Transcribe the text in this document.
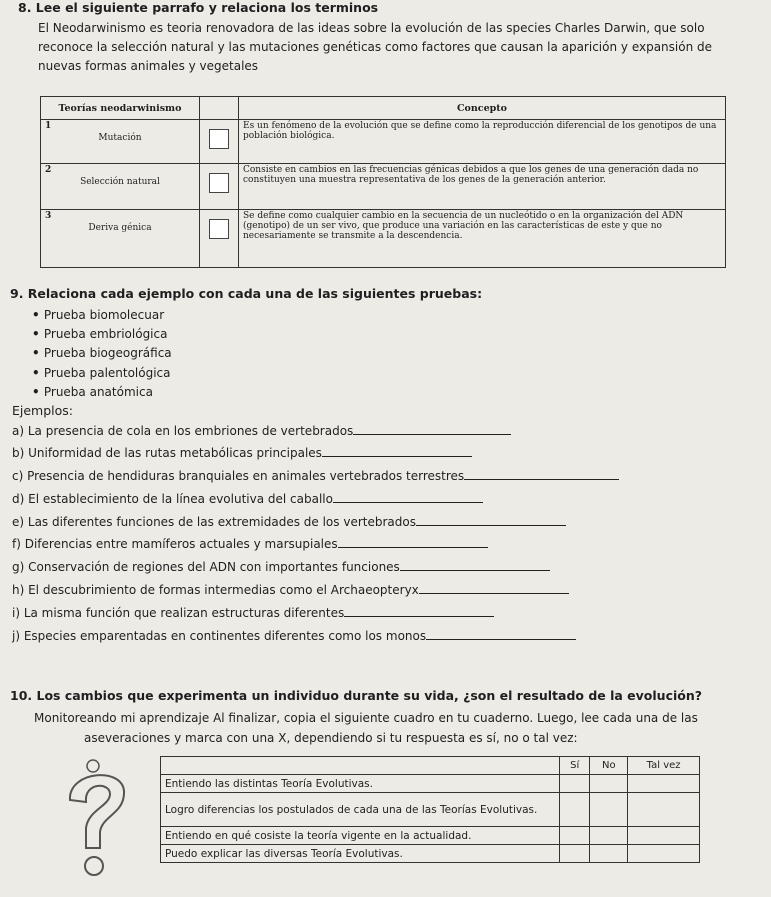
8. Lee el siguiente parrafo y relaciona los terminos
El Neodarwinismo es teoria renovadora de las ideas sobre la evolución de las species Charles Darwin, que solo reconoce la selección natural y las mutaciones genéticas como factores que causan la aparición y expansión de nuevas formas animales y vegetales
Teorías neodarwinismo		Concepto

1
Mutación		Es un fenómeno de la evolución que se define como la reproducción diferencial de los genotipos de una población biológica.

2
Selección natural		Consiste en cambios en las frecuencias génicas debidos a que los genes de una generación dada no constituyen una muestra representativa de los genes de la generación anterior.

3
Deriva génica		Se define como cualquier cambio en la secuencia de un nucleótido o en la organización del ADN (genotipo) de un ser vivo, que produce una variación en las características de este y que no necesariamente se transmite a la descendencia.
9. Relaciona cada ejemplo con cada una de las siguientes pruebas:
• Prueba biomolecuar
• Prueba embriológica
• Prueba biogeográfica
• Prueba palentológica
• Prueba anatómica
Ejemplos:
a) La presencia de cola en los embriones de vertebrados
b) Uniformidad de las rutas metabólicas principales
c) Presencia de hendiduras branquiales en animales vertebrados terrestres
d) El establecimiento de la línea evolutiva del caballo
e) Las diferentes funciones de las extremidades de los vertebrados
f) Diferencias entre mamíferos actuales y marsupiales
g) Conservación de regiones del ADN con importantes funciones
h) El descubrimiento de formas intermedias como el Archaeopteryx
i) La misma función que realizan estructuras diferentes
j) Especies emparentadas en continentes diferentes como los monos
10. Los cambios que experimenta un individuo durante su vida, ¿son el resultado de la evolución?
Monitoreando mi aprendizaje Al finalizar, copia el siguiente cuadro en tu cuaderno. Luego, lee cada una de las
aseveraciones y marca con una X, dependiendo si tu respuesta es sí, no o tal vez:
	Sí	No	Tal vez
Entiendo las distintas Teoría Evolutivas.			
Logro diferencias los postulados de cada una de las Teorías Evolutivas.			
Entiendo en qué cosiste la teoría vigente en la actualidad.			
Puedo explicar las diversas Teoría Evolutivas.			
